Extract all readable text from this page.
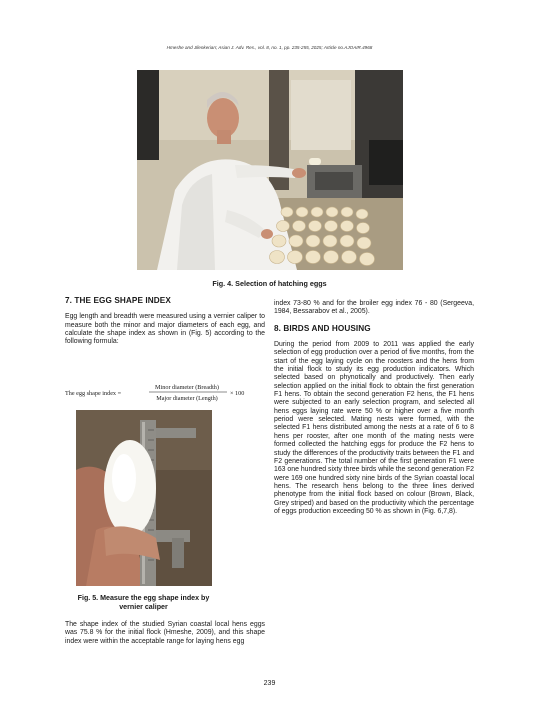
Hmeshe and Jilenkerian; Asian J. Adv. Res., vol. 8, no. 1, pp. 235-255, 2025; Article no.AJOAIR.4968
Fig. 4. Selection of hatching eggs

7. THE EGG SHAPE INDEX

Egg length and breadth were measured using a vernier caliper to measure both the minor and major diameters of each egg, and calculate the shape index as shown in (Fig. 5) according to the following formula:

The egg shape index =
Minor diameter (Breadth)
Major diameter (Length)
× 100
Fig. 5. Measure the egg shape index by vernier caliper

The shape index of the studied Syrian coastal local hens eggs was 75.8 % for the initial flock (Hmeshe, 2009), and this shape index were within the acceptable range for laying hens egg

index 73-80 % and for the broiler egg index 76 - 80 (Sergeeva, 1984, Bessarabov et al., 2005).

8. BIRDS AND HOUSING

During the period from 2009 to 2011 was applied the early selection of egg production over a period of five months, from the start of the egg laying cycle on the roosters and the hens from the initial flock to study its egg production indicators. Which selected based on phynotically and productively. Then early selection applied on the initial flock to obtain the first generation F1 hens. To obtain the second generation F2 hens, the F1 hens were subjected to an early selection program, and selected all hens eggs laying rate were 50 % or higher over a five month period were selected. Mating nests were formed, with the selected F1 hens distributed among the nests at a rate of 6 to 8 hens per rooster, after one month of the mating nests were formed collected the hatching eggs for produce the F2 hens to study the differences of the productivity traits between the F1 and F2 generations. The total number of the first generation F1 were 163 one hundred sixty three birds while the second generation F2 were 169 one hundred sixty nine birds of the Syrian coastal local hens. The research hens belong to the three lines derived phenotype from the initial flock based on colour (Brown, Black, Grey striped) and based on the productivity which the percentage of eggs production exceeding 50 % as shown in (Fig. 6,7,8).

239
